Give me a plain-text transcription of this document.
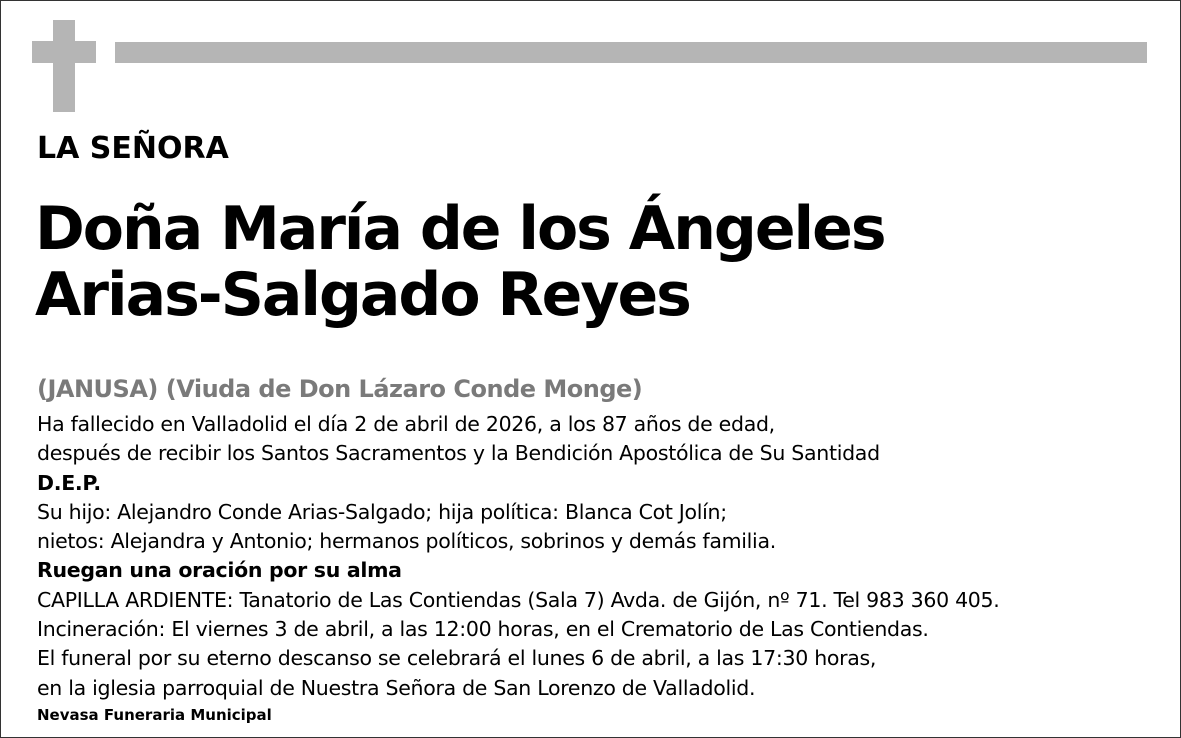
LA SEÑORA
Doña María de los Ángeles
Arias-Salgado Reyes
(JANUSA) (Viuda de Don Lázaro Conde Monge)
Ha fallecido en Valladolid el día 2 de abril de 2026, a los 87 años de edad,
después de recibir los Santos Sacramentos y la Bendición Apostólica de Su Santidad
D.E.P.
Su hijo: Alejandro Conde Arias-Salgado; hija política: Blanca Cot Jolín;
nietos: Alejandra y Antonio; hermanos políticos, sobrinos y demás familia.
Ruegan una oración por su alma
CAPILLA ARDIENTE: Tanatorio de Las Contiendas (Sala 7) Avda. de Gijón, nº 71. Tel 983 360 405.
Incineración: El viernes 3 de abril, a las 12:00 horas, en el Crematorio de Las Contiendas.
El funeral por su eterno descanso se celebrará el lunes 6 de abril, a las 17:30 horas,
en la iglesia parroquial de Nuestra Señora de San Lorenzo de Valladolid.
Nevasa Funeraria Municipal
